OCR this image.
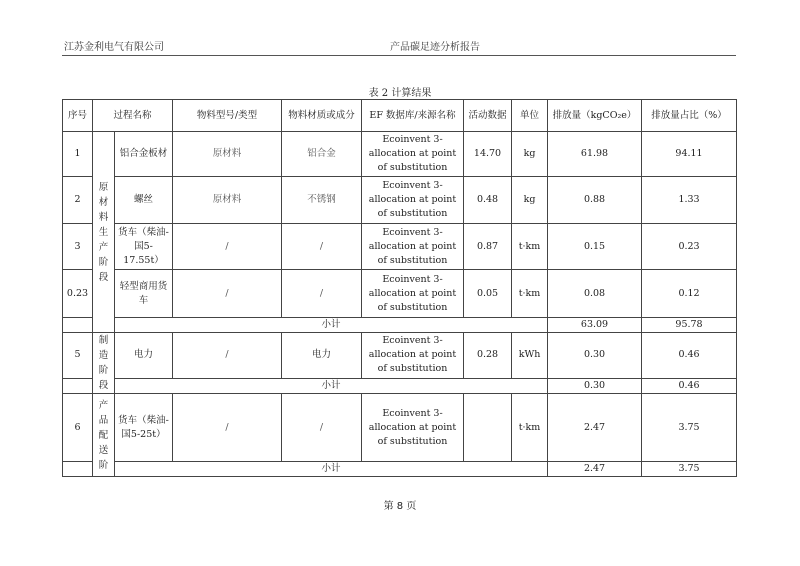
江苏金利电气有限公司	产品碳足迹分析报告
表 2 计算结果
序号	过程名称		物料型号/类型	物料材质或成分	EF 数据库/来源名称	活动数据	单位	排放量（kgCO₂e）	排放量占比（%）
1	原材料生产阶段	铝合金板材	原材料	铝合金	Ecoinvent 3-allocation at point of substitution	14.70	kg	61.98	94.11
2		螺丝	原材料	不锈钢	Ecoinvent 3-allocation at point of substitution	0.48	kg	0.88	1.33
3		货车（柴油-国5-17.55t）	/	/	Ecoinvent 3-allocation at point of substitution	0.87	t·km	0.15	0.23
0.23		轻型商用货车	/	/	Ecoinvent 3-allocation at point of substitution	0.05	t·km	0.08	0.12
		小计						63.09	95.78
5	制造阶段	电力	/	电力	Ecoinvent 3-allocation at point of substitution	0.28	kWh	0.30	0.46
		小计						0.30	0.46
6	产品配送阶	货车（柴油-国5-25t）	/	/	Ecoinvent 3-allocation at point of substitution		t·km	2.47	3.75
		小计						2.47	3.75
第 8 页
